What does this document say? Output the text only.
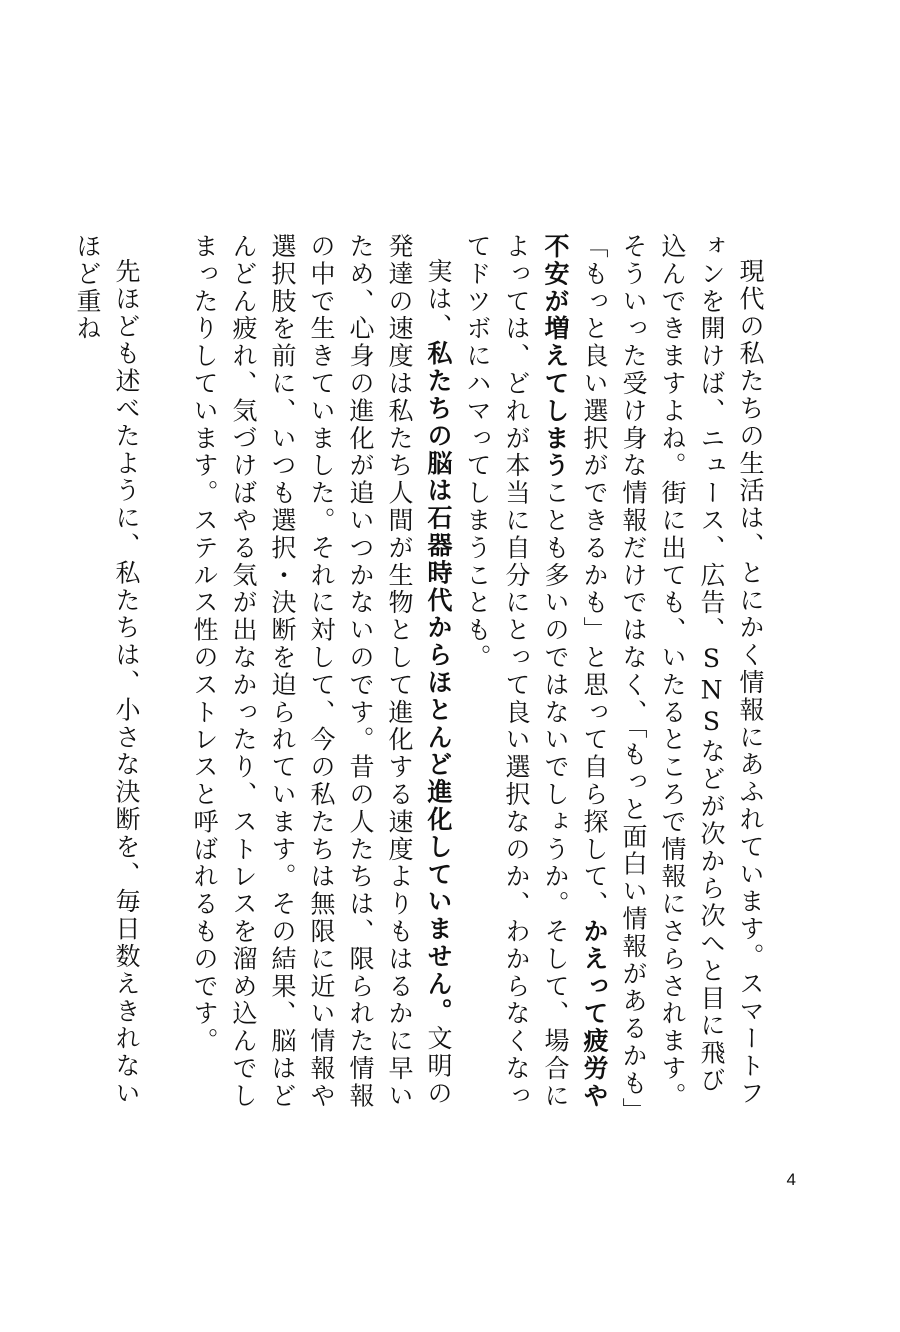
現代の私たちの生活は、とにかく情報にあふれています。スマートフォンを開けば、ニュース、広告、SNSなどが次から次へと目に飛び込んできますよね。街に出ても、いたるところで情報にさらされます。そういった受け身な情報だけではなく、「もっと面白い情報があるかも」「もっと良い選択ができるかも」と思って自ら探して、かえって疲労や不安が増えてしまうことも多いのではないでしょうか。そして、場合によっては、どれが本当に自分にとって良い選択なのか、わからなくなってドツボにハマってしまうことも。

実は、私たちの脳は石器時代からほとんど進化していません。文明の発達の速度は私たち人間が生物として進化する速度よりもはるかに早いため、心身の進化が追いつかないのです。昔の人たちは、限られた情報の中で生きていました。それに対して、今の私たちは無限に近い情報や選択肢を前に、いつも選択・決断を迫られています。その結果、脳はどんどん疲れ、気づけばやる気が出なかったり、ストレスを溜め込んでしまったりしています。ステルス性のストレスと呼ばれるものです。

先ほども述べたように、私たちは、小さな決断を、毎日数えきれないほど重ね

4
